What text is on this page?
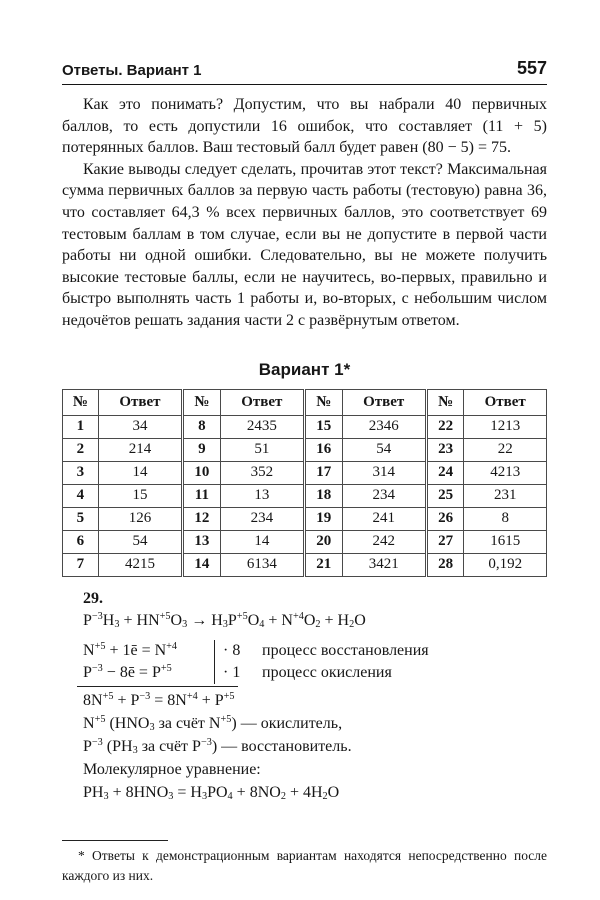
Ответы. Вариант 1	557

Как это понимать? Допустим, что вы набрали 40 первичных баллов, то есть допустили 16 ошибок, что составляет (11 + 5) потерянных баллов. Ваш тестовый балл будет равен (80 − 5) = 75.

Какие выводы следует сделать, прочитав этот текст? Максимальная сумма первичных баллов за первую часть работы (тестовую) равна 36, что составляет 64,3 % всех первичных баллов, это соответствует 69 тестовым баллам в том случае, если вы не допустите в первой части работы ни одной ошибки. Следовательно, вы не можете получить высокие тестовые баллы, если не научитесь, во-первых, правильно и быстро выполнять часть 1 работы и, во-вторых, с небольшим числом недочётов решать задания части 2 с развёрнутым ответом.

Вариант 1*
№	Ответ	№	Ответ	№	Ответ	№	Ответ
1	34	8	2435	15	2346	22	1213
2	214	9	51	16	54	23	22
3	14	10	352	17	314	24	4213
4	15	11	13	18	234	25	231
5	126	12	234	19	241	26	8
6	54	13	14	20	242	27	1615
7	4215	14	6134	21	3421	28	0,192
29.
$P^{-3}H_3 + HN^{+5}O_3 \to H_3P^{+5}O_4 + N^{+4}O_2 + H_2O$
$N^{+5}$ + 1ē = $N^{+4}$	· 8	процесс восстановления
$P^{-3}$ − 8ē = $P^{+5}$	· 1	процесс окисления
$8N^{+5} + P^{-3} = 8N^{+4} + P^{+5}$
$N^{+5}$ ($HNO_3$ за счёт $N^{+5}$) — окислитель,
$P^{-3}$ ($PH_3$ за счёт $P^{-3}$) — восстановитель.
Молекулярное уравнение:
$PH_3 + 8HNO_3 = H_3PO_4 + 8NO_2 + 4H_2O$

* Ответы к демонстрационным вариантам находятся непосредственно после каждого из них.
